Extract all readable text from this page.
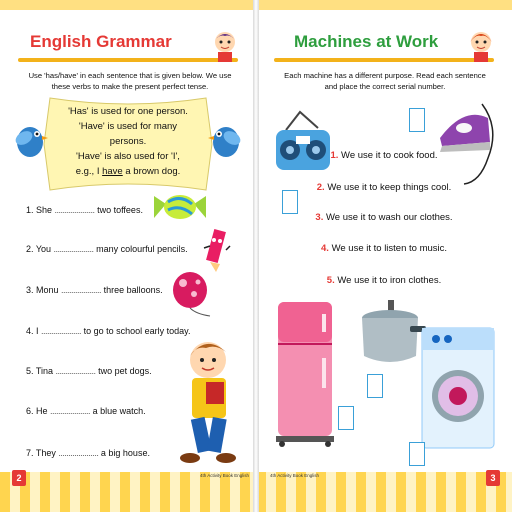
English Grammar
Use 'has/have' in each sentence that is given below. We use these verbs to make the present perfect tense.
'Has' is used for one person.
'Have' is used for many persons.
'Have' is also used for 'I',
e.g., I have a brown dog.
1. She .................... two toffees.
2. You .................... many colourful pencils.
3. Monu .................... three balloons.
4. I .................... to go to school early today.
5. Tina .................... two pet dogs.
6. He .................... a blue watch.
7. They .................... a big house.
2	4th Activity Book English
Machines at Work
Each machine has a different purpose. Read each sentence and place the correct serial number.
1. We use it to cook food.
2. We use it to keep things cool.
3. We use it to wash our clothes.
4. We use it to listen to music.
5. We use it to iron clothes.
3
4th Activity Book English
